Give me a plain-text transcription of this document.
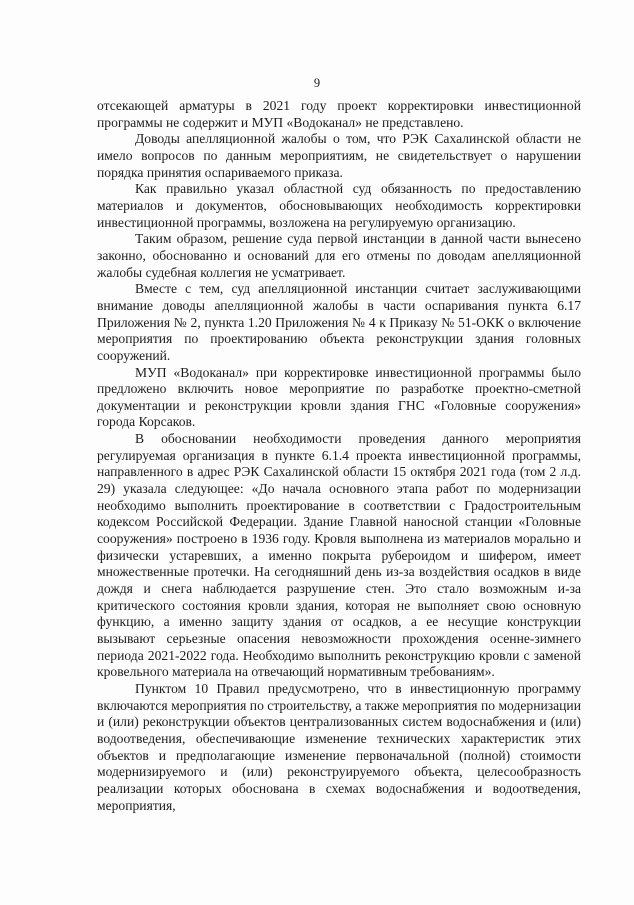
9

отсекающей арматуры в 2021 году проект корректировки инвестиционной программы не содержит и МУП «Водоканал» не представлено.

Доводы апелляционной жалобы о том, что РЭК Сахалинской области не имело вопросов по данным мероприятиям, не свидетельствует о нарушении порядка принятия оспариваемого приказа.

Как правильно указал областной суд обязанность по предоставлению материалов и документов, обосновывающих необходимость корректировки инвестиционной программы, возложена на регулируемую организацию.

Таким образом, решение суда первой инстанции в данной части вынесено законно, обоснованно и оснований для его отмены по доводам апелляционной жалобы судебная коллегия не усматривает.

Вместе с тем, суд апелляционной инстанции считает заслуживающими внимание доводы апелляционной жалобы в части оспаривания пункта 6.17 Приложения № 2, пункта 1.20 Приложения № 4 к Приказу № 51-ОКК о включение мероприятия по проектированию объекта реконструкции здания головных сооружений.

МУП «Водоканал» при корректировке инвестиционной программы было предложено включить новое мероприятие по разработке проектно-сметной документации и реконструкции кровли здания ГНС «Головные сооружения» города Корсаков.

В обосновании необходимости проведения данного мероприятия регулируемая организация в пункте 6.1.4 проекта инвестиционной программы, направленного в адрес РЭК Сахалинской области 15 октября 2021 года (том 2 л.д. 29) указала следующее: «До начала основного этапа работ по модернизации необходимо выполнить проектирование в соответствии с Градостроительным кодексом Российской Федерации. Здание Главной наносной станции «Головные сооружения» построено в 1936 году. Кровля выполнена из материалов морально и физически устаревших, а именно покрыта рубероидом и шифером, имеет множественные протечки. На сегодняшний день из-за воздействия осадков в виде дождя и снега наблюдается разрушение стен. Это стало возможным и-за критического состояния кровли здания, которая не выполняет свою основную функцию, а именно защиту здания от осадков, а ее несущие конструкции вызывают серьезные опасения невозможности прохождения осенне-зимнего периода 2021-2022 года. Необходимо выполнить реконструкцию кровли с заменой кровельного материала на отвечающий нормативным требованиям».

Пунктом 10 Правил предусмотрено, что в инвестиционную программу включаются мероприятия по строительству, а также мероприятия по модернизации и (или) реконструкции объектов централизованных систем водоснабжения и (или) водоотведения, обеспечивающие изменение технических характеристик этих объектов и предполагающие изменение первоначальной (полной) стоимости модернизируемого и (или) реконструируемого объекта, целесообразность реализации которых обоснована в схемах водоснабжения и водоотведения, мероприятия,
